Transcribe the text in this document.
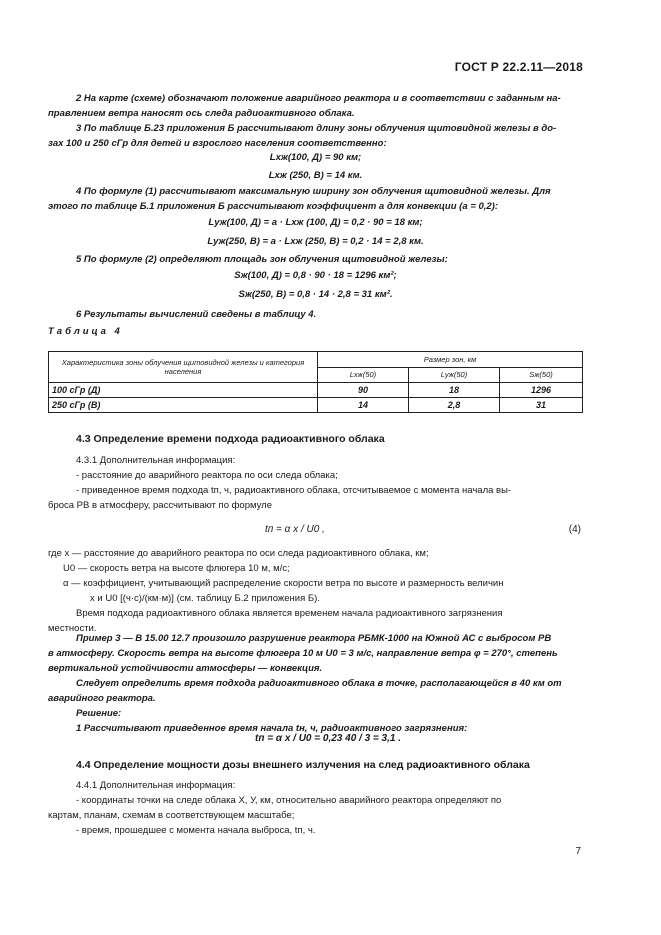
ГОСТ Р 22.2.11—2018
2 На карте (схеме) обозначают положение аварийного реактора и в соответствии с заданным на-
правлением ветра наносят ось следа радиоактивного облака.
3 По таблице Б.23 приложения Б рассчитывают длину зоны облучения щитовидной железы в до-
зах 100 и 250 сГр для детей и взрослого населения соответственно:
Lхж(100, Д) = 90 км;
Lхж (250, В) = 14 км.
4 По формуле (1) рассчитывают максимальную ширину зон облучения щитовидной железы. Для
этого по таблице Б.1 приложения Б рассчитывают коэффициент a для конвекции (a = 0,2):
Lуж(100, Д) = a · Lхж (100, Д) = 0,2 · 90 = 18 км;
Lуж(250, В) = a · Lхж (250, В) = 0,2 · 14 = 2,8 км.
5 По формуле (2) определяют площадь зон облучения щитовидной железы:
Sж(100, Д) = 0,8 · 90 · 18 = 1296 км²;
Sж(250, В) = 0,8 · 14 · 2,8 = 31 км².
6 Результаты вычислений сведены в таблицу 4.
Таблица 4
Характеристика зоны облучения щитовидной железы и категория населения	Размер зон, км		
	Lхж(50)	Lуж(50)	Sж(50)
100 сГр (Д)	90	18	1296
250 сГр (В)	14	2,8	31
4.3 Определение времени подхода радиоактивного облака
4.3.1 Дополнительная информация:
- расстояние до аварийного реактора по оси следа облака;
- приведенное время подхода tп, ч, радиоактивного облака, отсчитываемое с момента начала вы-
броса РВ в атмосферу, рассчитывают по формуле
tп = α x / U0 ,	(4)
где x — расстояние до аварийного реактора по оси следа радиоактивного облака, км;
U0 — скорость ветра на высоте флюгера 10 м, м/с;
α — коэффициент, учитывающий распределение скорости ветра по высоте и размерность величин
x и U0 [(ч·с)/(км·м)] (см. таблицу Б.2 приложения Б).
Время подхода радиоактивного облака является временем начала радиоактивного загрязнения
местности.
Пример 3 — В 15.00 12.7 произошло разрушение реактора РБМК-1000 на Южной АС с выбросом РВ
в атмосферу. Скорость ветра на высоте флюгера 10 м U0 = 3 м/с, направление ветра φ = 270°, степень
вертикальной устойчивости атмосферы — конвекция.
Следует определить время подхода радиоактивного облака в точке, располагающейся в 40 км от
аварийного реактора.
Решение:
1 Рассчитывают приведенное время начала tн, ч, радиоактивного загрязнения:
tп = α x / U0 = 0,23 40 / 3 = 3,1 .
4.4 Определение мощности дозы внешнего излучения на след радиоактивного облака
4.4.1 Дополнительная информация:
- координаты точки на следе облака X, У, км, относительно аварийного реактора определяют по
картам, планам, схемам в соответствующем масштабе;
- время, прошедшее с момента начала выброса, tп, ч.
7
